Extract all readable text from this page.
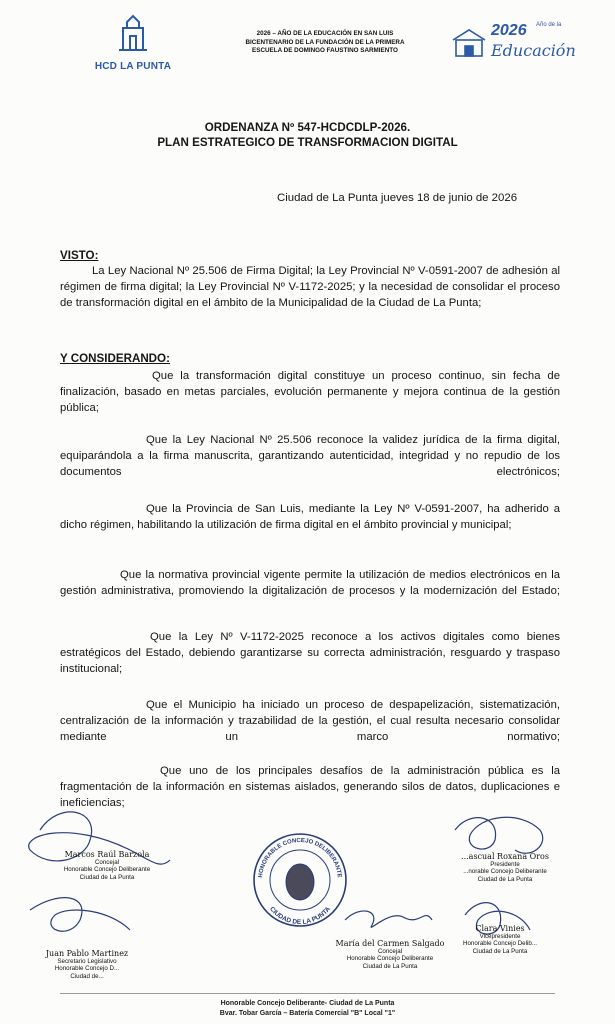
HCD LA PUNTA
2026 – AÑO DE LA EDUCACIÓN EN SAN LUIS
BICENTENARIO DE LA FUNDACIÓN DE LA PRIMERA
ESCUELA DE DOMINGO FAUSTINO SARMIENTO
2026 Año de la
Educación
ORDENANZA Nº 547-HCDCDLP-2026.
PLAN ESTRATEGICO DE TRANSFORMACION DIGITAL
Ciudad de La Punta jueves 18 de junio de 2026
VISTO:
La Ley Nacional Nº 25.506 de Firma Digital; la Ley Provincial Nº V-0591-2007 de adhesión al régimen de firma digital; la Ley Provincial Nº V-1172-2025; y la necesidad de consolidar el proceso de transformación digital en el ámbito de la Municipalidad de la Ciudad de La Punta;
Y CONSIDERANDO:
Que la transformación digital constituye un proceso continuo, sin fecha de finalización, basado en metas parciales, evolución permanente y mejora continua de la gestión pública;
Que la Ley Nacional Nº 25.506 reconoce la validez jurídica de la firma digital, equiparándola a la firma manuscrita, garantizando autenticidad, integridad y no repudio de los documentos electrónicos;
Que la Provincia de San Luis, mediante la Ley Nº V-0591-2007, ha adherido a dicho régimen, habilitando la utilización de firma digital en el ámbito provincial y municipal;
Que la normativa provincial vigente permite la utilización de medios electrónicos en la gestión administrativa, promoviendo la digitalización de procesos y la modernización del Estado;
Que la Ley Nº V-1172-2025 reconoce a los activos digitales como bienes estratégicos del Estado, debiendo garantizarse su correcta administración, resguardo y traspaso institucional;
Que el Municipio ha iniciado un proceso de despapelización, sistematización, centralización de la información y trazabilidad de la gestión, el cual resulta necesario consolidar mediante un marco normativo;
Que uno de los principales desafíos de la administración pública es la fragmentación de la información en sistemas aislados, generando silos de datos, duplicaciones e ineficiencias;
HONORABLE CONCEJO DELIBERANTE
CIUDAD DE LA PUNTA
Marcos Raúl Barzola
Concejal
Honorable Concejo Deliberante
Ciudad de La Punta
Juan Pablo Martinez
Secretario Legislativo
Honorable Concejo D...
Ciudad de...
María del Carmen Salgado
Concejal
Honorable Concejo Deliberante
Ciudad de La Punta
...ascual Roxana Oros
Presidente
...norable Concejo Deliberante
Ciudad de La Punta
Clara Vinies
Vicepresidente
Honorable Concejo Delib...
Ciudad de La Punta
Honorable Concejo Deliberante- Ciudad de La Punta
Bvar. Tobar García – Batería Comercial "B" Local "1"
